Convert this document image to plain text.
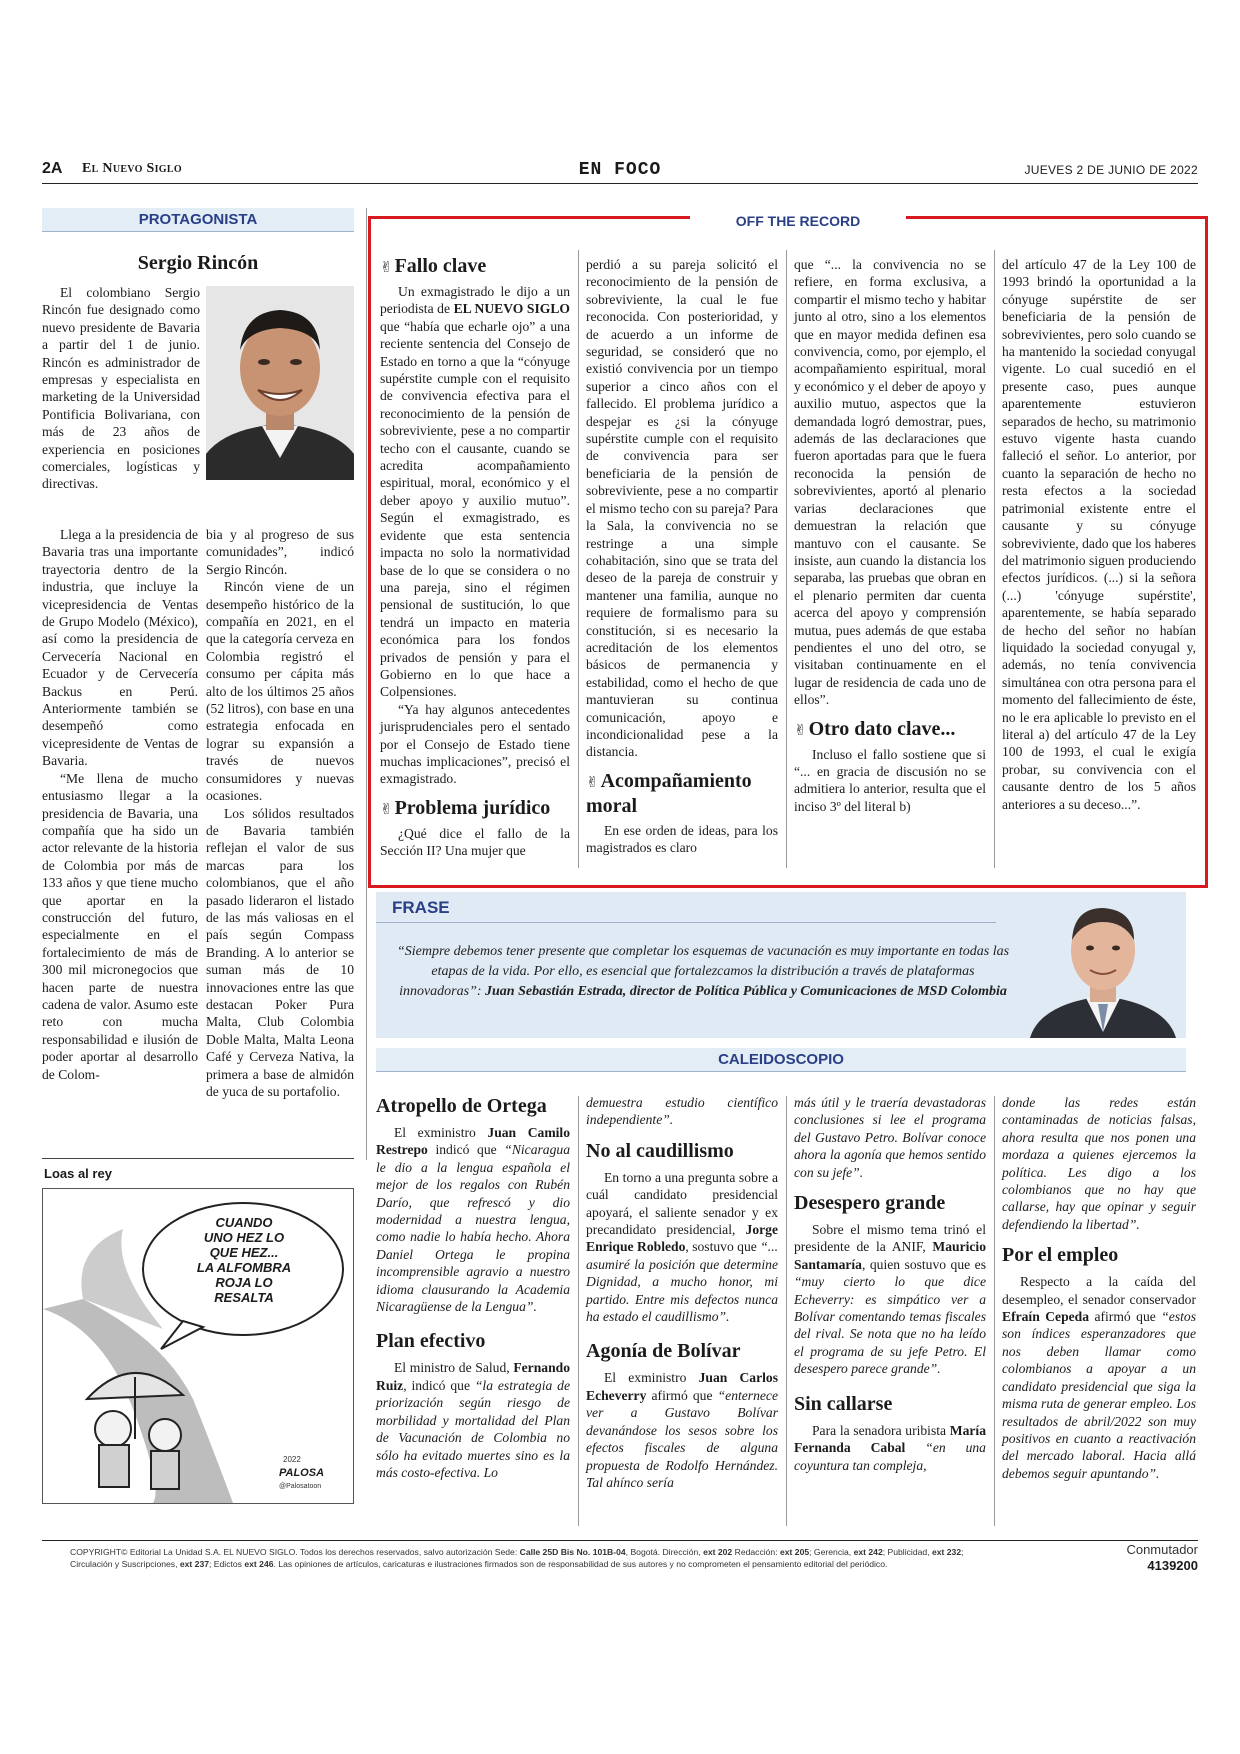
2A El Nuevo Siglo	EN FOCO	JUEVES 2 DE JUNIO DE 2022
PROTAGONISTA
Sergio Rincón

El colombiano Sergio Rincón fue designado como nuevo presidente de Bavaria a partir del 1 de junio. Rincón es administrador de empresas y especialista en marketing de la Universidad Pontificia Bolivariana, con más de 23 años de experiencia en posiciones comerciales, logísticas y directivas.

Llega a la presidencia de Bavaria tras una importante trayectoria dentro de la industria, que incluye la vicepresidencia de Ventas de Grupo Modelo (México), así como la presidencia de Cervecería Nacional en Ecuador y de Cervecería Backus en Perú. Anteriormente también se desempeñó como vicepresidente de Ventas de Bavaria.

“Me llena de mucho entusiasmo llegar a la presidencia de Bavaria, una compañía que ha sido un actor relevante de la historia de Colombia por más de 133 años y que tiene mucho que aportar en la construcción del futuro, especialmente en el fortalecimiento de más de 300 mil micronegocios que hacen parte de nuestra cadena de valor. Asumo este reto con mucha responsabilidad e ilusión de poder aportar al desarrollo de Colom-

bia y al progreso de sus comunidades”, indicó Sergio Rincón.

Rincón viene de un desempeño histórico de la compañía en 2021, en el que la categoría cerveza en Colombia registró el consumo per cápita más alto de los últimos 25 años (52 litros), con base en una estrategia enfocada en lograr su expansión a través de nuevos consumidores y nuevas ocasiones.

Los sólidos resultados de Bavaria también reflejan el valor de sus marcas para los colombianos, que el año pasado lideraron el listado de las más valiosas en el país según Compass Branding. A lo anterior se suman más de 10 innovaciones entre las que destacan Poker Pura Malta, Club Colombia Doble Malta, Malta Leona Café y Cerveza Nativa, la primera a base de almidón de yuca de su portafolio.

Loas al rey
CUANDO
UNO HEZ LO
QUE HEZ...
LA ALFOMBRA
ROJA LO
RESALTA
2022
PALOSA
@Palosatoon
OFF THE RECORD
✌ Fallo clave

Un exmagistrado le dijo a un periodista de EL NUEVO SIGLO que “había que echarle ojo” a una reciente sentencia del Consejo de Estado en torno a que la “cónyuge supérstite cumple con el requisito de convivencia efectiva para el reconocimiento de la pensión de sobreviviente, pese a no compartir techo con el causante, cuando se acredita acompañamiento espiritual, moral, económico y el deber apoyo y auxilio mutuo”. Según el exmagistrado, es evidente que esta sentencia impacta no solo la normatividad base de lo que se considera o no una pareja, sino el régimen pensional de sustitución, lo que tendrá un impacto en materia económica para los fondos privados de pensión y para el Gobierno en lo que hace a Colpensiones.

“Ya hay algunos antecedentes jurisprudenciales pero el sentado por el Consejo de Estado tiene muchas implicaciones”, precisó el exmagistrado.

✌ Problema jurídico

¿Qué dice el fallo de la Sección II? Una mujer que

perdió a su pareja solicitó el reconocimiento de la pensión de sobreviviente, la cual le fue reconocida. Con posterioridad, y de acuerdo a un informe de seguridad, se consideró que no existió convivencia por un tiempo superior a cinco años con el fallecido. El problema jurídico a despejar es ¿si la cónyuge supérstite cumple con el requisito de convivencia para ser beneficiaria de la pensión de sobreviviente, pese a no compartir el mismo techo con su pareja? Para la Sala, la convivencia no se restringe a una simple cohabitación, sino que se trata del deseo de la pareja de construir y mantener una familia, aunque no requiere de formalismo para su constitución, si es necesario la acreditación de los elementos básicos de permanencia y estabilidad, como el hecho de que mantuvieran su continua comunicación, apoyo e incondicionalidad pese a la distancia.

✌ Acompañamiento moral

En ese orden de ideas, para los magistrados es claro

que “... la convivencia no se refiere, en forma exclusiva, a compartir el mismo techo y habitar junto al otro, sino a los elementos que en mayor medida definen esa convivencia, como, por ejemplo, el acompañamiento espiritual, moral y económico y el deber de apoyo y auxilio mutuo, aspectos que la demandada logró demostrar, pues, además de las declaraciones que fueron aportadas para que le fuera reconocida la pensión de sobrevivientes, aportó al plenario varias declaraciones que demuestran la relación que mantuvo con el causante. Se insiste, aun cuando la distancia los separaba, las pruebas que obran en el plenario permiten dar cuenta acerca del apoyo y comprensión mutua, pues además de que estaba pendientes el uno del otro, se visitaban continuamente en el lugar de residencia de cada uno de ellos”.

✌ Otro dato clave...

Incluso el fallo sostiene que si “... en gracia de discusión no se admitiera lo anterior, resulta que el inciso 3º del literal b)

del artículo 47 de la Ley 100 de 1993 brindó la oportunidad a la cónyuge supérstite de ser beneficiaria de la pensión de sobrevivientes, pero solo cuando se ha mantenido la sociedad conyugal vigente. Lo cual sucedió en el presente caso, pues aunque aparentemente estuvieron separados de hecho, su matrimonio estuvo vigente hasta cuando falleció el señor. Lo anterior, por cuanto la separación de hecho no resta efectos a la sociedad patrimonial existente entre el causante y su cónyuge sobreviviente, dado que los haberes del matrimonio siguen produciendo efectos jurídicos. (...) si la señora (...) 'cónyuge supérstite', aparentemente, se había separado de hecho del señor no habían liquidado la sociedad conyugal y, además, no tenía convivencia simultánea con otra persona para el momento del fallecimiento de éste, no le era aplicable lo previsto en el literal a) del artículo 47 de la Ley 100 de 1993, el cual le exigía probar, su convivencia con el causante dentro de los 5 años anteriores a su deceso...”.

FRASE
“Siempre debemos tener presente que completar los esquemas de vacunación es muy importante en todas las etapas de la vida. Por ello, es esencial que fortalezcamos la distribución a través de plataformas innovadoras”: Juan Sebastián Estrada, director de Política Pública y Comunicaciones de MSD Colombia
CALEIDOSCOPIO
Atropello de Ortega

El exministro Juan Camilo Restrepo indicó que “Nicaragua le dio a la lengua española el mejor de los regalos con Rubén Darío, que refrescó y dio modernidad a nuestra lengua, como nadie lo había hecho. Ahora Daniel Ortega le propina incomprensible agravio a nuestro idioma clausurando la Academia Nicaragüense de la Lengua”.

Plan efectivo

El ministro de Salud, Fernando Ruiz, indicó que “la estrategia de priorización según riesgo de morbilidad y mortalidad del Plan de Vacunación de Colombia no sólo ha evitado muertes sino es la más costo-efectiva. Lo

demuestra estudio científico independiente”.

No al caudillismo

En torno a una pregunta sobre a cuál candidato presidencial apoyará, el saliente senador y ex precandidato presidencial, Jorge Enrique Robledo, sostuvo que “... asumiré la posición que determine Dignidad, a mucho honor, mi partido. Entre mis defectos nunca ha estado el caudillismo”.

Agonía de Bolívar

El exministro Juan Carlos Echeverry afirmó que “enternece ver a Gustavo Bolívar devanándose los sesos sobre los efectos fiscales de alguna propuesta de Rodolfo Hernández. Tal ahínco sería

más útil y le traería devastadoras conclusiones si lee el programa del Gustavo Petro. Bolívar conoce ahora la agonía que hemos sentido con su jefe”.

Desespero grande

Sobre el mismo tema trinó el presidente de la ANIF, Mauricio Santamaría, quien sostuvo que es “muy cierto lo que dice Echeverry: es simpático ver a Bolívar comentando temas fiscales del rival. Se nota que no ha leído el programa de su jefe Petro. El desespero parece grande”.

Sin callarse

Para la senadora uribista María Fernanda Cabal “en una coyuntura tan compleja,

donde las redes están contaminadas de noticias falsas, ahora resulta que nos ponen una mordaza a quienes ejercemos la política. Les digo a los colombianos que no hay que callarse, hay que opinar y seguir defendiendo la libertad”.

Por el empleo

Respecto a la caída del desempleo, el senador conservador Efraín Cepeda afirmó que “estos son índices esperanzadores que nos deben llamar como colombianos a apoyar a un candidato presidencial que siga la misma ruta de generar empleo. Los resultados de abril/2022 son muy positivos en cuanto a reactivación del mercado laboral. Hacia allá debemos seguir apuntando”.

COPYRIGHT© Editorial La Unidad S.A. EL NUEVO SIGLO. Todos los derechos reservados, salvo autorización Sede: Calle 25D Bis No. 101B-04, Bogotá. Dirección, ext 202 Redacción: ext 205; Gerencia, ext 242; Publicidad, ext 232;
Circulación y Suscripciones, ext 237; Edictos ext 246. Las opiniones de artículos, caricaturas e ilustraciones firmados son de responsabilidad de sus autores y no comprometen el pensamiento editorial del periódico.
Conmutador
4139200
